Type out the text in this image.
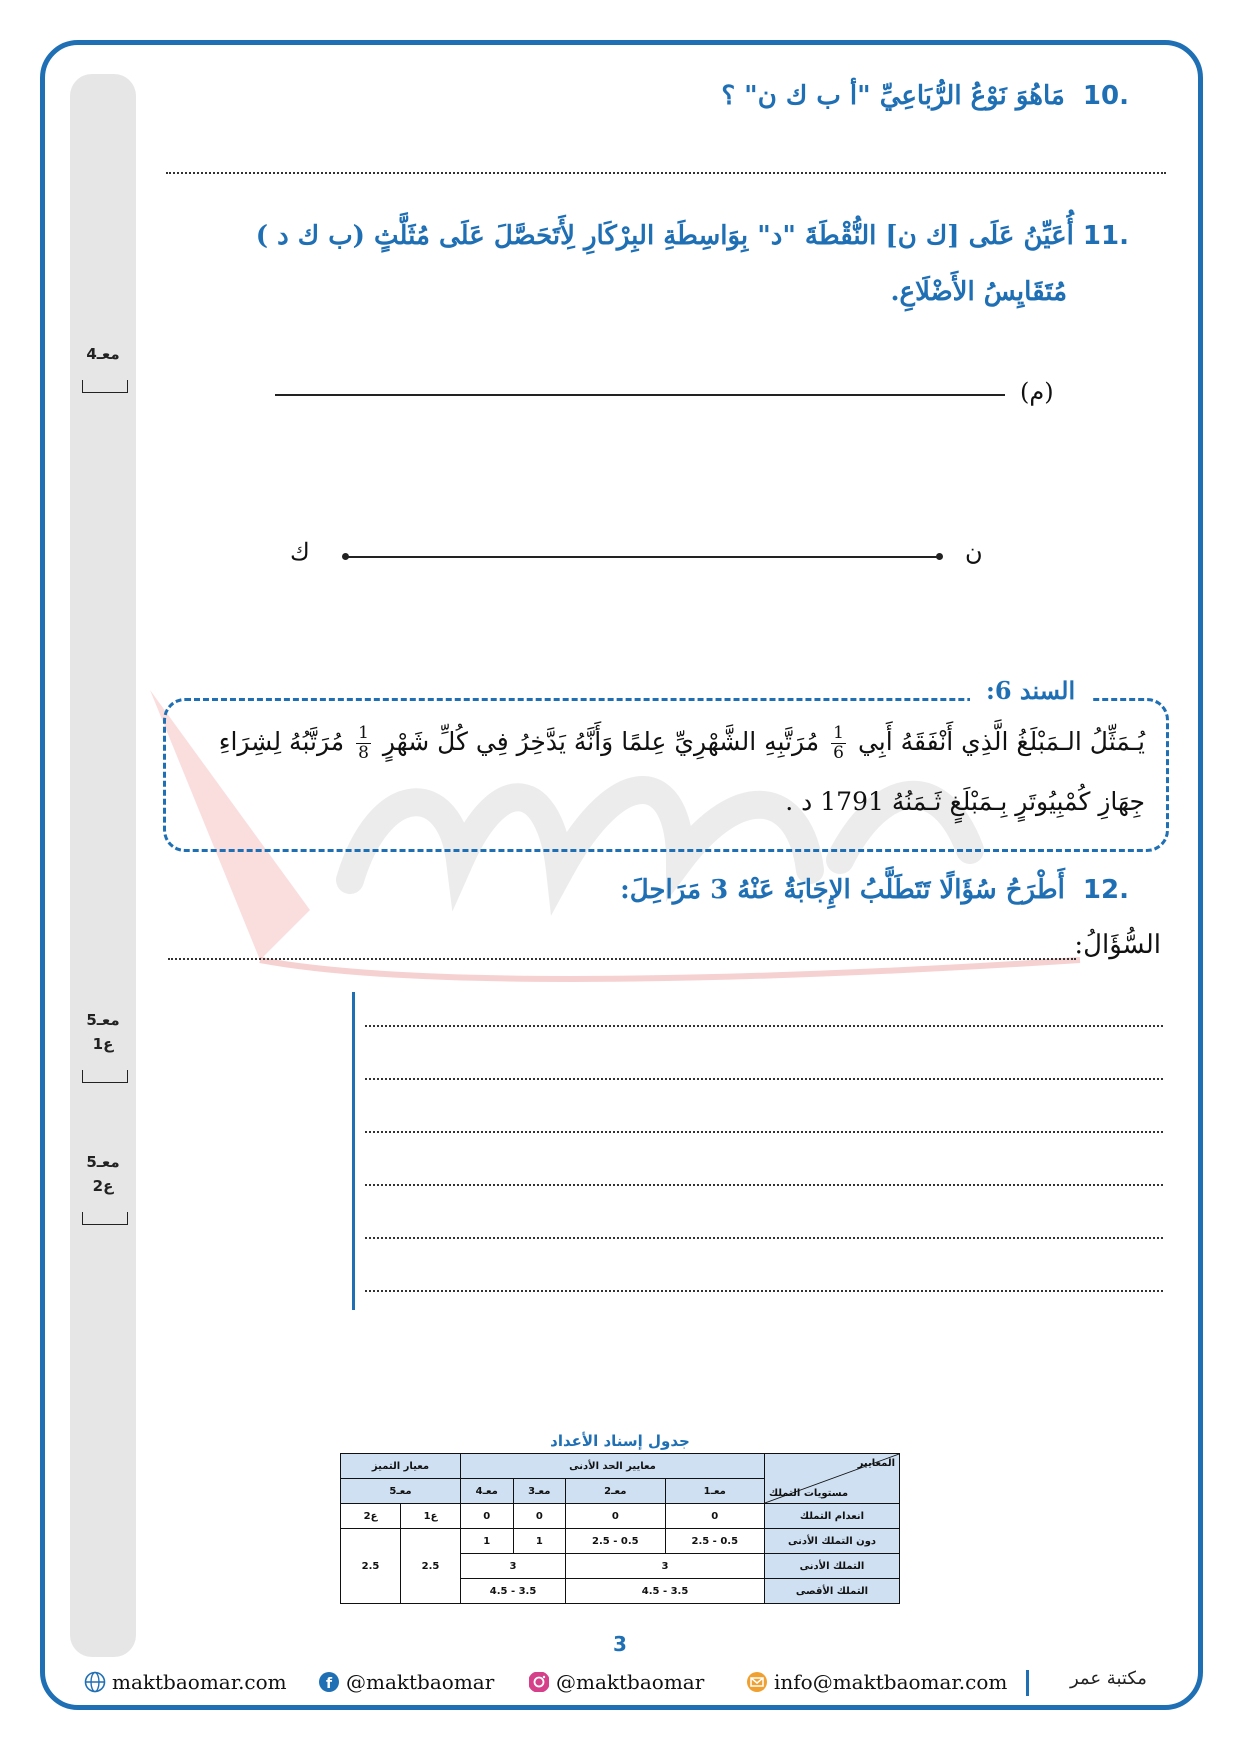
معـ4
معـ5
ع1
معـ5
ع2
.10  مَاهُوَ نَوْعُ الرُّبَاعِيِّ "أ ب ك ن" ؟
.11 أُعَيِّنُ عَلَى [ك ن] النُّقْطَةَ "د" بِوَاسِطَةِ البِرْكَارِ لِأَتَحَصَّلَ عَلَى مُثَلَّثٍ (ب ك د )
مُتَقَايِسُ الأَضْلَاعِ.
(م)
ك	ن
السند 6:
يُـمَثِّلُ الـمَبْلَغُ الَّذِي أَنْفَقَهُ أَبِي
$\frac{1}{6}$
مُرَتَّبِهِ الشَّهْرِيِّ عِلمًا وَأَنَّهُ يَدَّخِرُ فِي كُلِّ شَهْرٍ
$\frac{1}{8}$
مُرَتَّبُهُ لِشِرَاءِ
جِهَازِ كُمْبِيُوتَرٍ بِـمَبْلَغٍ ثَـمَنُهُ 1791 د .
.12  أَطْرَحُ سُؤَالًا تَتَطَلَّبُ الإِجَابَةُ عَنْهُ 3 مَرَاحِلَ:
السُّؤَالُ:
جدول إسناد الأعداد
المعايير
مستويات التملك	معايير الحد الأدنى				معيار التميز	
	معـ1	معـ2	معـ3	معـ4	معـ5	
انعدام التملك	0	0	0	0	ع1	ع2
دون التملك الأدنى	0.5 - 2.5	0.5 - 2.5	1	1	2.5	2.5
التملك الأدنى	3		3			
التملك الأقصى	3.5 - 4.5		3.5 - 4.5			
3
maktbaomar.com	f @maktbaomar	@maktbaomar	info@maktbaomar.com	مكتبة عمر
